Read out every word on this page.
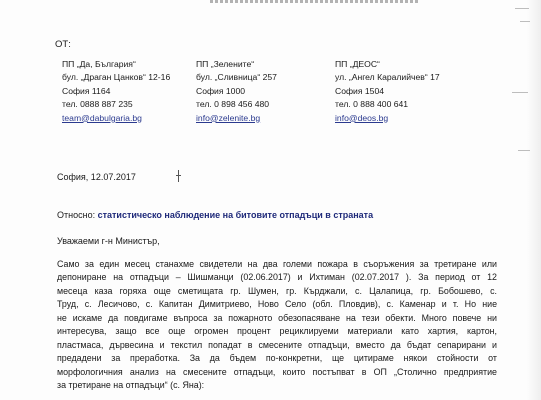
ОТ:
ПП „Да, България“
бул. „Драган Цанков“ 12-16
София 1164
тел. 0888 887 235
team@dabulgaria.bg
ПП „Зелените“
бул. „Сливница“ 257
София 1000
тел. 0 898 456 480
info@zelenite.bg
ПП „ДЕОС“
ул. „Ангел Каралийчев“ 17
София 1504
тел. 0 888 400 641
info@deos.bg
София, 12.07.2017
Относно: статистическо наблюдение на битовите отпадъци в страната
Уважаеми г-н Министър,
Само за един месец станахме свидетели на два големи пожара в съоръжения за третиране или
депониране на отпадъци – Шишманци (02.06.2017) и Ихтиман (02.07.2017 ). За период от 12
месеца каза горяха още сметищата гр. Шумен, гр. Кърджали, с. Цалапица, гр. Бобошево, с.
Труд, с. Лесичово, с. Капитан Димитриево, Ново Село (обл. Пловдив), с. Каменар и т. Но ние
не искаме да повдигаме въпроса за пожарното обезопасяване на тези обекти. Много повече ни
интересува, защо все още огромен процент рециклируеми материали като хартия, картон,
пластмаса, дървесина и текстил попадат в смесените отпадъци, вместо да бъдат сепарирани и
предадени за преработка. За да бъдем по-конкретни, ще цитираме някои стойности от
морфологичния анализ на смесените отпадъци, които постъпват в ОП „Столично предприятие
за третиране на отпадъци“ (с. Яна):
